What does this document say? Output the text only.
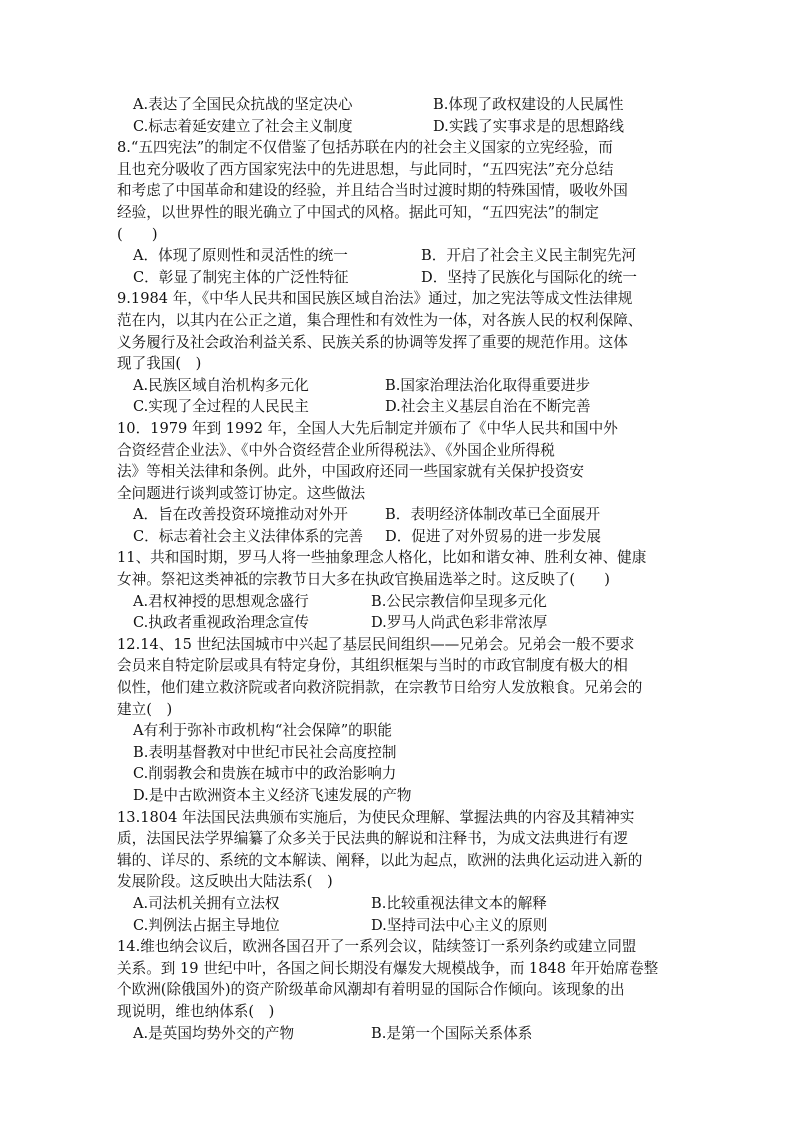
A.表达了全国民众抗战的坚定决心	B.体现了政权建设的人民属性
C.标志着延安建立了社会主义制度	D.实践了实事求是的思想路线
8.“五四宪法”的制定不仅借鉴了包括苏联在内的社会主义国家的立宪经验，而
且也充分吸收了西方国家宪法中的先进思想，与此同时，“五四宪法”充分总结
和考虑了中国革命和建设的经验，并且结合当时过渡时期的特殊国情，吸收外国
经验，以世界性的眼光确立了中国式的风格。据此可知，“五四宪法”的制定
(　　)
A．体现了原则性和灵活性的统一	B．开启了社会主义民主制宪先河
C．彰显了制宪主体的广泛性特征	D．坚持了民族化与国际化的统一
9.1984 年，《中华人民共和国民族区域自治法》通过，加之宪法等成文性法律规
范在内，以其内在公正之道，集合理性和有效性为一体，对各族人民的权利保障、
义务履行及社会政治利益关系、民族关系的协调等发挥了重要的规范作用。这体
现了我国(　)
A.民族区域自治机构多元化	B.国家治理法治化取得重要进步
C.实现了全过程的人民民主	D.社会主义基层自治在不断完善
10．1979 年到 1992 年，全国人大先后制定并颁布了《中华人民共和国中外
合资经营企业法》、《中外合资经营企业所得税法》、《外国企业所得税
法》等相关法律和条例。此外，中国政府还同一些国家就有关保护投资安
全问题进行谈判或签订协定。这些做法
A．旨在改善投资环境推动对外开	B．表明经济体制改革已全面展开
C．标志着社会主义法律体系的完善	D．促进了对外贸易的进一步发展
11、共和国时期，罗马人将一些抽象理念人格化，比如和谐女神、胜利女神、健康
女神。祭祀这类神祗的宗教节日大多在执政官换届选举之时。这反映了(　　)
A.君权神授的思想观念盛行	B.公民宗教信仰呈现多元化
C.执政者重视政治理念宣传	D.罗马人尚武色彩非常浓厚
12.14、15 世纪法国城市中兴起了基层民间组织——兄弟会。兄弟会一般不要求
会员来自特定阶层或具有特定身份，其组织框架与当时的市政官制度有极大的相
似性，他们建立救济院或者向救济院捐款，在宗教节日给穷人发放粮食。兄弟会的
建立(　)
A有利于弥补市政机构“社会保障”的职能
B.表明基督教对中世纪市民社会高度控制
C.削弱教会和贵族在城市中的政治影响力
D.是中古欧洲资本主义经济飞速发展的产物
13.1804 年法国民法典颁布实施后，为使民众理解、掌握法典的内容及其精神实
质，法国民法学界编纂了众多关于民法典的解说和注释书，为成文法典进行有逻
辑的、详尽的、系统的文本解读、阐释，以此为起点，欧洲的法典化运动进入新的
发展阶段。这反映出大陆法系(　)
A.司法机关拥有立法权	B.比较重视法律文本的解释
C.判例法占据主导地位	D.坚持司法中心主义的原则
14.维也纳会议后，欧洲各国召开了一系列会议，陆续签订一系列条约或建立同盟
关系。到 19 世纪中叶，各国之间长期没有爆发大规模战争，而 1848 年开始席卷整
个欧洲(除俄国外)的资产阶级革命风潮却有着明显的国际合作倾向。该现象的出
现说明，维也纳体系(　)
A.是英国均势外交的产物	B.是第一个国际关系体系
